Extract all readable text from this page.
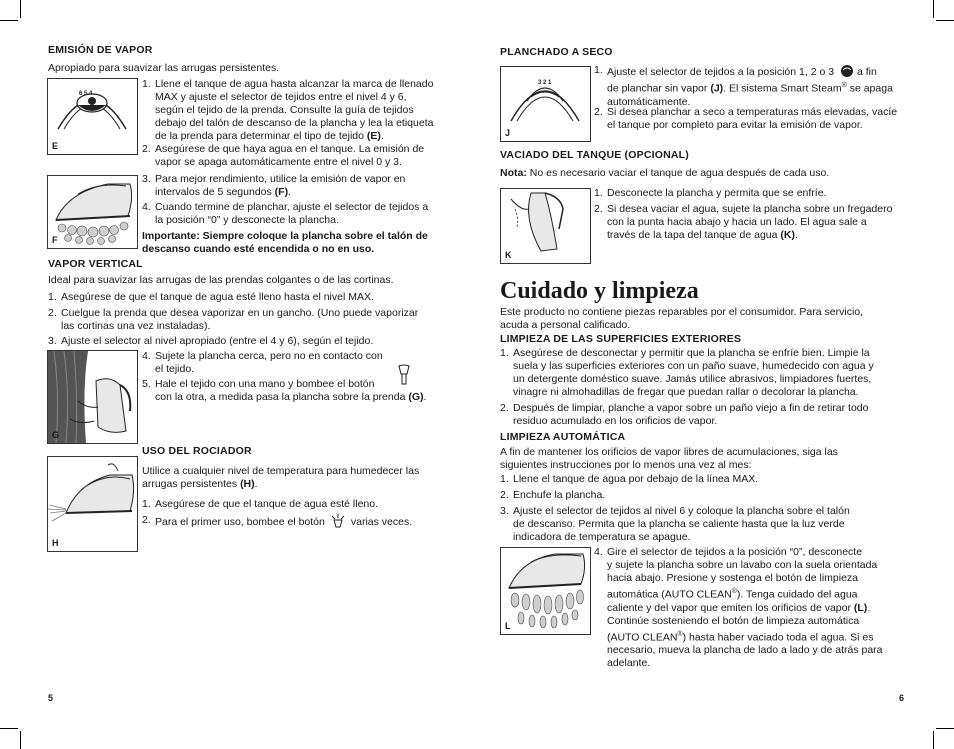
EMISIÓN DE VAPOR
Apropiado para suavizar las arrugas persistentes.
6 5 4
E
1. Llene el tanque de agua hasta alcanzar la marca de llenado
MAX y ajuste el selector de tejidos entre el nivel 4 y 6,
según el tejido de la prenda. Consulte la guía de tejidos
debajo del talón de descanso de la plancha y lea la etiqueta
de la prenda para determinar el tipo de tejido (E).
2. Asegúrese de que haya agua en el tanque. La emisión de
vapor se apaga automáticamente entre el nivel 0 y 3.
F
3. Para mejor rendimiento, utilice la emisión de vapor en
intervalos de 5 segundos (F).
4. Cuando termine de planchar, ajuste el selector de tejidos a
la posición “0” y desconecte la plancha.
Importante: Siempre coloque la plancha sobre el talón de
descanso cuando esté encendida o no en uso.
VAPOR VERTICAL
Ideal para suavizar las arrugas de las prendas colgantes o de las cortinas.
1. Asegúrese de que el tanque de agua esté lleno hasta el nivel MAX.
2. Cuelgue la prenda que desea vaporizar en un gancho. (Uno puede vaporizar
las cortinas una vez instaladas).
3. Ajuste el selector al nivel apropiado (entre el 4 y 6), según el tejido.
G
4. Sujete la plancha cerca, pero no en contacto con
el tejido.
5. Hale el tejido con una mano y bombee el botón
con la otra, a medida pasa la plancha sobre la prenda (G).
USO DEL ROCIADOR
H
Utilice a cualquier nivel de temperatura para humedecer las
arrugas persistentes (H).
1. Asegúrese de que el tanque de agua esté lleno.
2. Para el primer uso, bombee el botón varias veces.
5
PLANCHADO A SECO
3 2 1
J
1. Ajuste el selector de tejidos a la posición 1, 2 o 3 a fin
de planchar sin vapor (J). El sistema Smart Steam® se apaga
automáticamente.
2. Si desea planchar a seco a temperaturas más elevadas, vacíe
el tanque por completo para evitar la emisión de vapor.
VACIADO DEL TANQUE (OPCIONAL)
Nota: No es necesario vaciar el tanque de agua después de cada uso.
K
1. Desconecte la plancha y permita que se enfríe.
2. Si desea vaciar el agua, sujete la plancha sobre un fregadero
con la punta hacia abajo y hacia un lado. El agua sale a
través de la tapa del tanque de agua (K).
Cuidado y limpieza
Este producto no contiene piezas reparables por el consumidor. Para servicio,
acuda a personal calificado.
LIMPIEZA DE LAS SUPERFICIES EXTERIORES
1. Asegúrese de desconectar y permitir que la plancha se enfríe bien. Limpie la
suela y las superficies exteriores con un paño suave, humedecido con agua y
un detergente doméstico suave. Jamás utilice abrasivos, limpiadores fuertes,
vinagre ni almohadillas de fregar que puedan rallar o decolorar la plancha.
2. Después de limpiar, planche a vapor sobre un paño viejo a fin de retirar todo
residuo acumulado en los orificios de vapor.
LIMPIEZA AUTOMÁTICA
A fin de mantener los orificios de vapor libres de acumulaciones, siga las
siguientes instrucciones por lo menos una vez al mes:
1. Llene el tanque de agua por debajo de la línea MAX.
2. Enchufe la plancha.
3. Ajuste el selector de tejidos al nivel 6 y coloque la plancha sobre el talón
de descanso. Permita que la plancha se caliente hasta que la luz verde
indicadora de temperatura se apague.
L
4. Gire el selector de tejidos a la posición “0”, desconecte
y sujete la plancha sobre un lavabo con la suela orientada
hacia abajo. Presione y sostenga el botón de limpieza
automática (AUTO CLEAN®). Tenga cuidado del agua
caliente y del vapor que emiten los orificios de vapor (L).
Continúe sosteniendo el botón de limpieza automática
(AUTO CLEAN®) hasta haber vaciado toda el agua. Si es
necesario, mueva la plancha de lado a lado y de atrás para
adelante.
6
